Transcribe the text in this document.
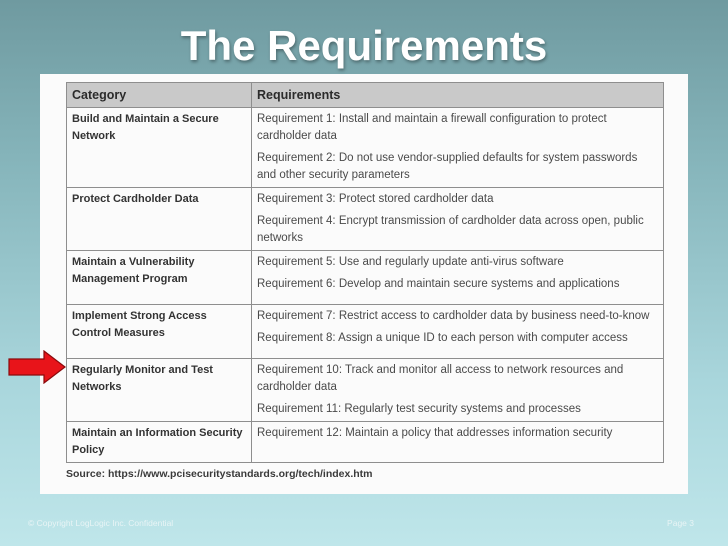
The Requirements
Category	Requirements
Build and Maintain a Secure Network	Requirement 1: Install and maintain a firewall configuration to protect cardholder data
Requirement 2: Do not use vendor-supplied defaults for system passwords and other security parameters

Protect Cardholder Data	Requirement 3: Protect stored cardholder data
Requirement 4: Encrypt transmission of cardholder data across open, public networks

Maintain a Vulnerability Management Program	Requirement 5: Use and regularly update anti-virus software
Requirement 6: Develop and maintain secure systems and applications

Implement Strong Access Control Measures	Requirement 7: Restrict access to cardholder data by business need-to-know
Requirement 8: Assign a unique ID to each person with computer access

Regularly Monitor and Test Networks	Requirement 10: Track and monitor all access to network resources and cardholder data
Requirement 11: Regularly test security systems and processes

Maintain an Information Security Policy	Requirement 12: Maintain a policy that addresses information security
Source: https://www.pcisecuritystandards.org/tech/index.htm
© Copyright LogLogic Inc. Confidential	Page 3
